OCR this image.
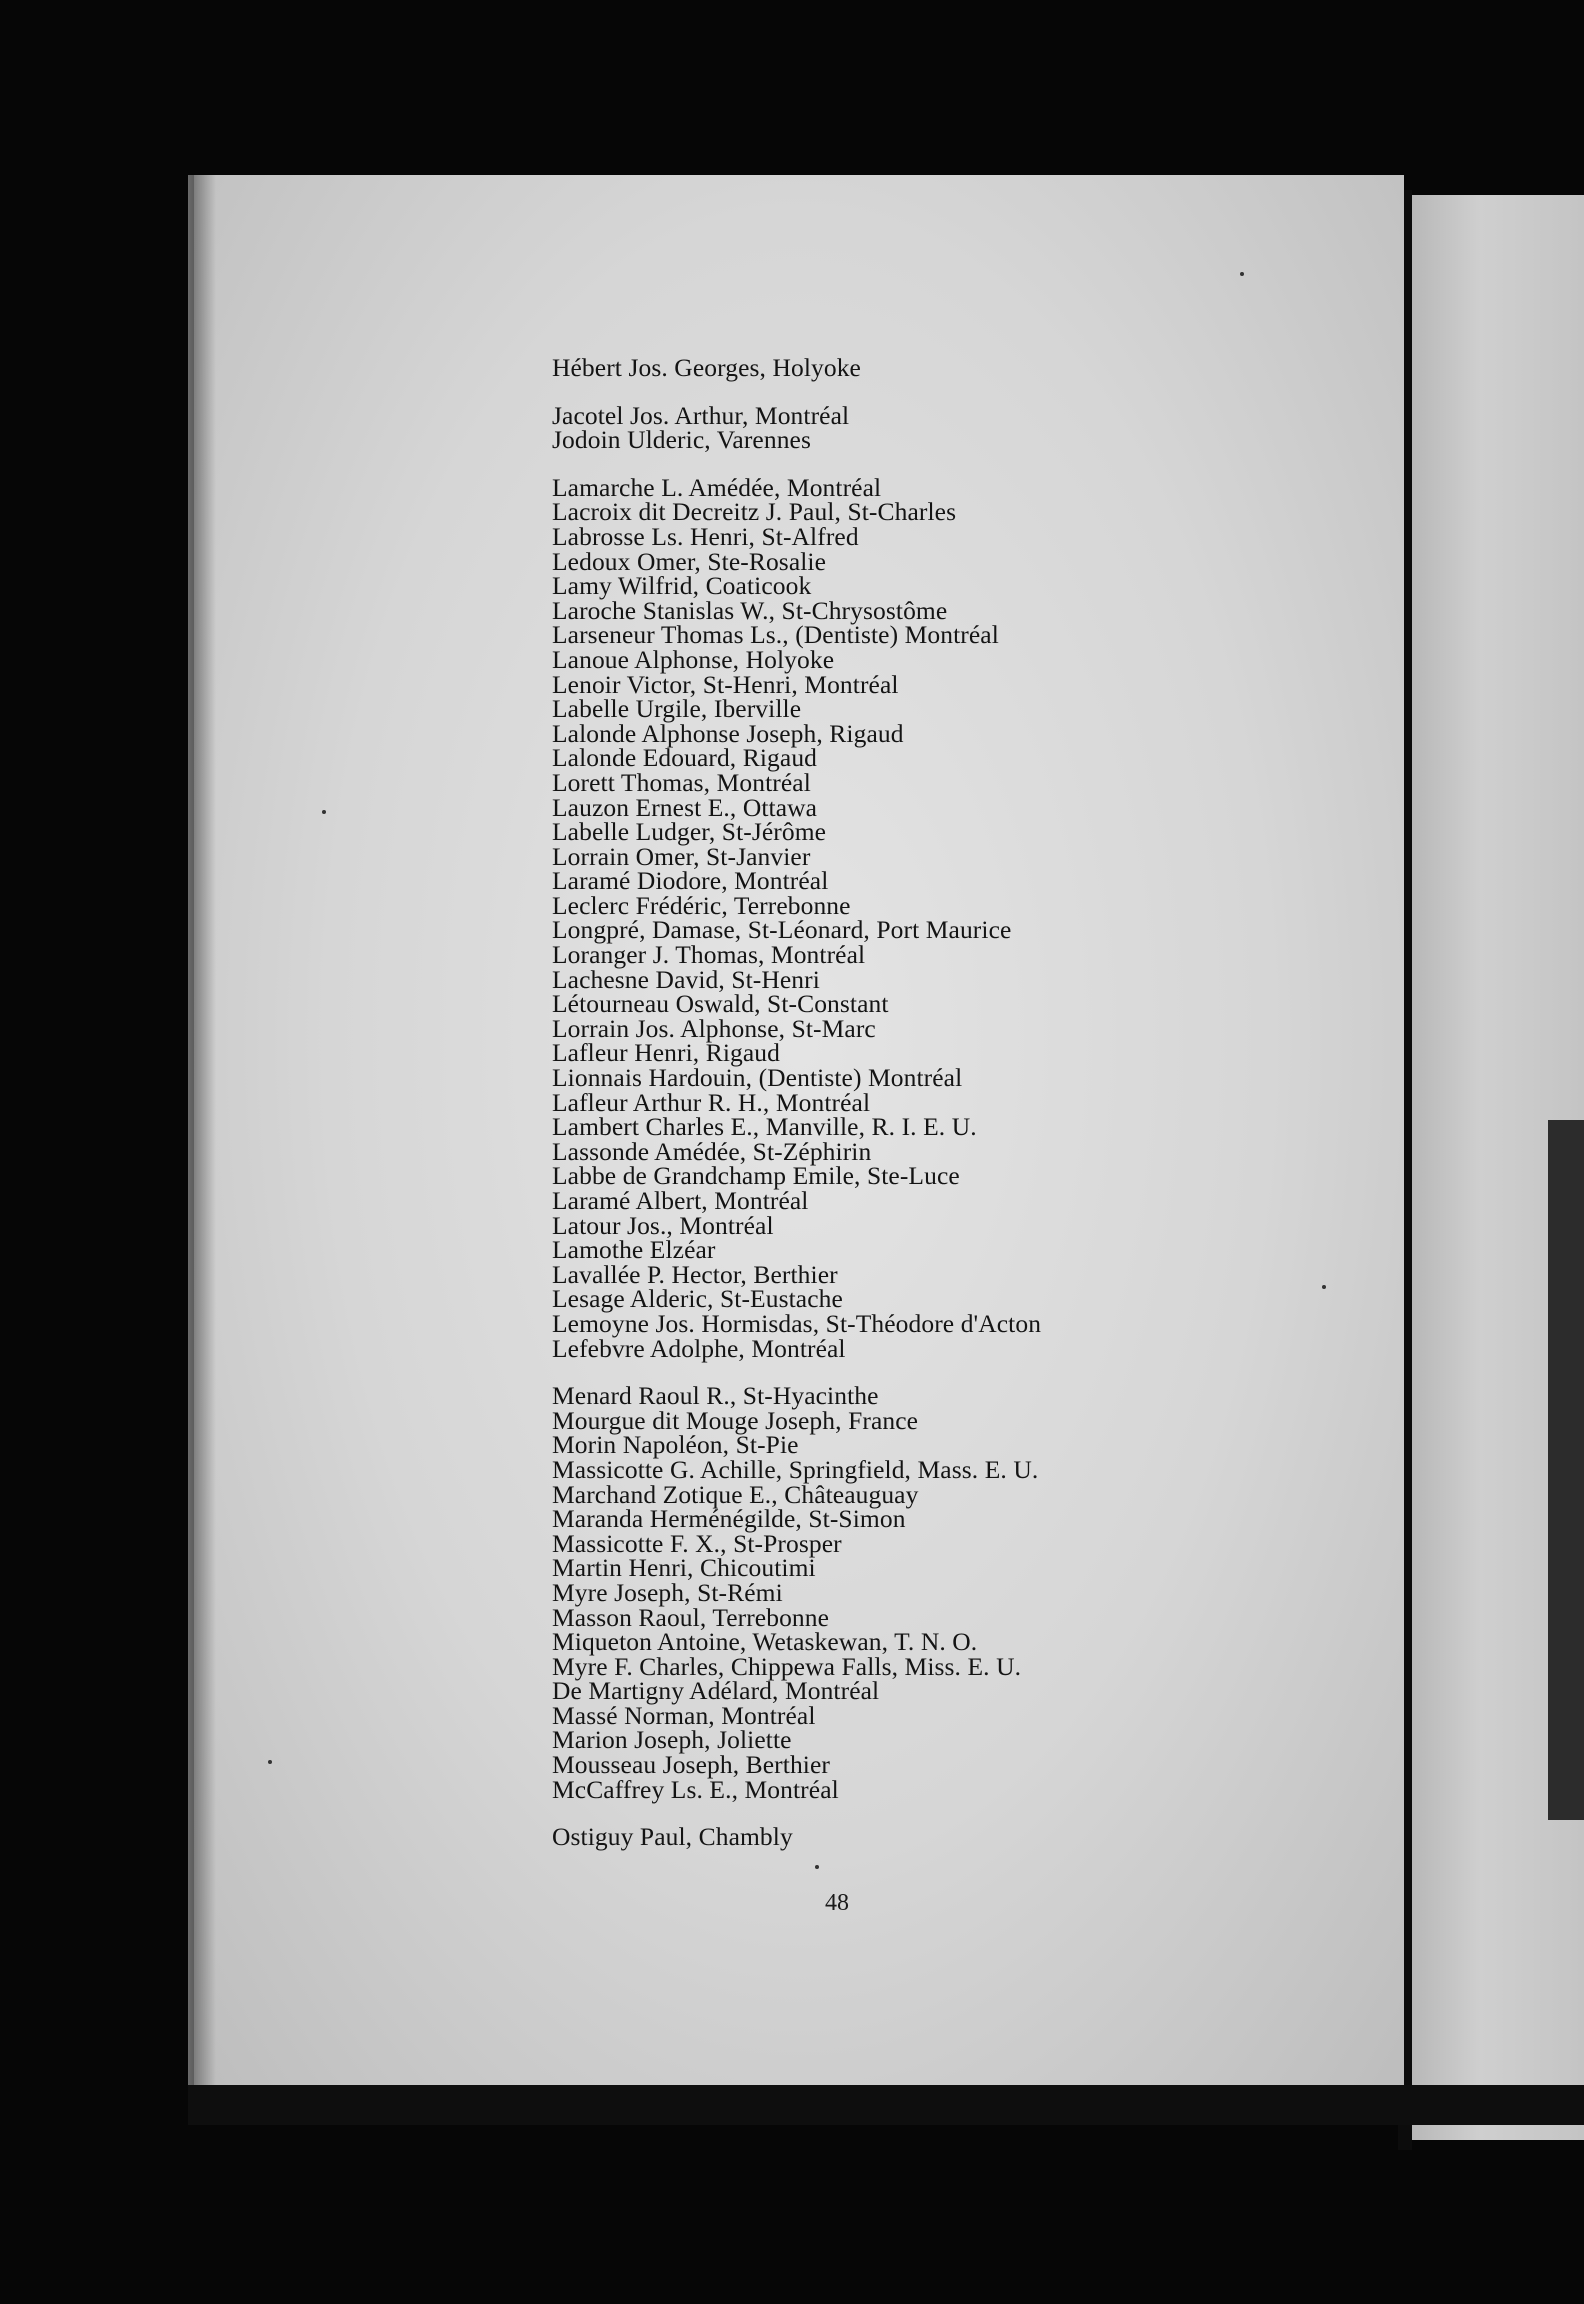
Hébert Jos. Georges, Holyoke
Jacotel Jos. Arthur, Montréal
Jodoin Ulderic, Varennes
Lamarche L. Amédée, Montréal
Lacroix dit Decreitz J. Paul, St-Charles
Labrosse Ls. Henri, St-Alfred
Ledoux Omer, Ste-Rosalie
Lamy Wilfrid, Coaticook
Laroche Stanislas W., St-Chrysostôme
Larseneur Thomas Ls., (Dentiste) Montréal
Lanoue Alphonse, Holyoke
Lenoir Victor, St-Henri, Montréal
Labelle Urgile, Iberville
Lalonde Alphonse Joseph, Rigaud
Lalonde Edouard, Rigaud
Lorett Thomas, Montréal
Lauzon Ernest E., Ottawa
Labelle Ludger, St-Jérôme
Lorrain Omer, St-Janvier
Laramé Diodore, Montréal
Leclerc Frédéric, Terrebonne
Longpré, Damase, St-Léonard, Port Maurice
Loranger J. Thomas, Montréal
Lachesne David, St-Henri
Létourneau Oswald, St-Constant
Lorrain Jos. Alphonse, St-Marc
Lafleur Henri, Rigaud
Lionnais Hardouin, (Dentiste) Montréal
Lafleur Arthur R. H., Montréal
Lambert Charles E., Manville, R. I. E. U.
Lassonde Amédée, St-Zéphirin
Labbe de Grandchamp Emile, Ste-Luce
Laramé Albert, Montréal
Latour Jos., Montréal
Lamothe Elzéar
Lavallée P. Hector, Berthier
Lesage Alderic, St-Eustache
Lemoyne Jos. Hormisdas, St-Théodore d'Acton
Lefebvre Adolphe, Montréal
Menard Raoul R., St-Hyacinthe
Mourgue dit Mouge Joseph, France
Morin Napoléon, St-Pie
Massicotte G. Achille, Springfield, Mass. E. U.
Marchand Zotique E., Châteauguay
Maranda Herménégilde, St-Simon
Massicotte F. X., St-Prosper
Martin Henri, Chicoutimi
Myre Joseph, St-Rémi
Masson Raoul, Terrebonne
Miqueton Antoine, Wetaskewan, T. N. O.
Myre F. Charles, Chippewa Falls, Miss. E. U.
De Martigny Adélard, Montréal
Massé Norman, Montréal
Marion Joseph, Joliette
Mousseau Joseph, Berthier
McCaffrey Ls. E., Montréal
Ostiguy Paul, Chambly
48
